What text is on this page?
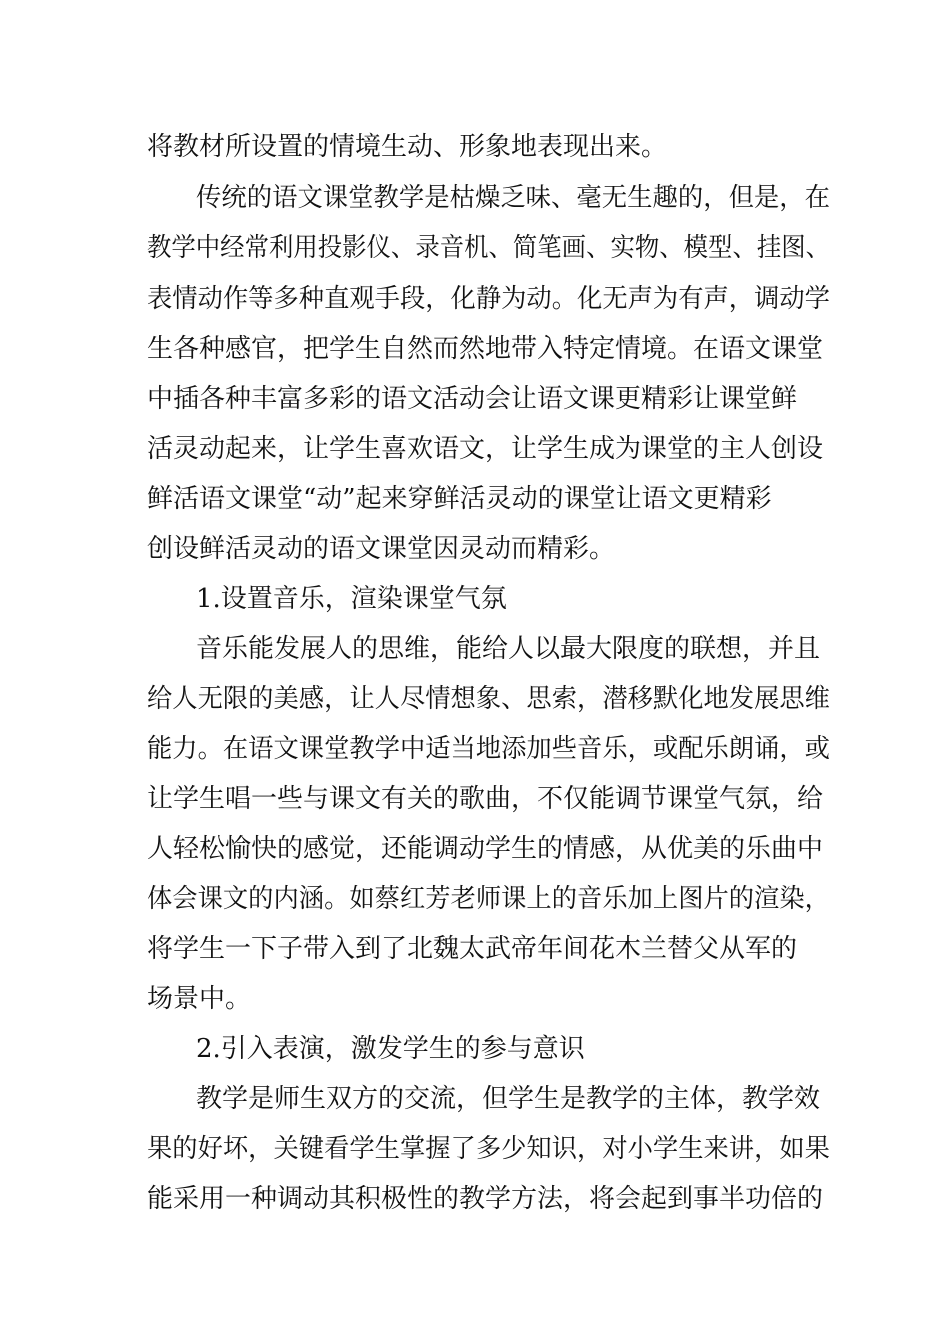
将教材所设置的情境生动、形象地表现出来。
传统的语文课堂教学是枯燥乏味、毫无生趣的，但是，在
教学中经常利用投影仪、录音机、简笔画、实物、模型、挂图、
表情动作等多种直观手段，化静为动。化无声为有声，调动学
生各种感官，把学生自然而然地带入特定情境。在语文课堂
中插各种丰富多彩的语文活动会让语文课更精彩让课堂鲜
活灵动起来，让学生喜欢语文，让学生成为课堂的主人创设
鲜活语文课堂“动”起来穿鲜活灵动的课堂让语文更精彩
创设鲜活灵动的语文课堂因灵动而精彩。
1.设置音乐，渲染课堂气氛
音乐能发展人的思维，能给人以最大限度的联想，并且
给人无限的美感，让人尽情想象、思索，潜移默化地发展思维
能力。在语文课堂教学中适当地添加些音乐，或配乐朗诵，或
让学生唱一些与课文有关的歌曲，不仅能调节课堂气氛，给
人轻松愉快的感觉，还能调动学生的情感，从优美的乐曲中
体会课文的内涵。如蔡红芳老师课上的音乐加上图片的渲染，
将学生一下子带入到了北魏太武帝年间花木兰替父从军的
场景中。
2.引入表演，激发学生的参与意识
教学是师生双方的交流，但学生是教学的主体，教学效
果的好坏，关键看学生掌握了多少知识，对小学生来讲，如果
能采用一种调动其积极性的教学方法，将会起到事半功倍的
